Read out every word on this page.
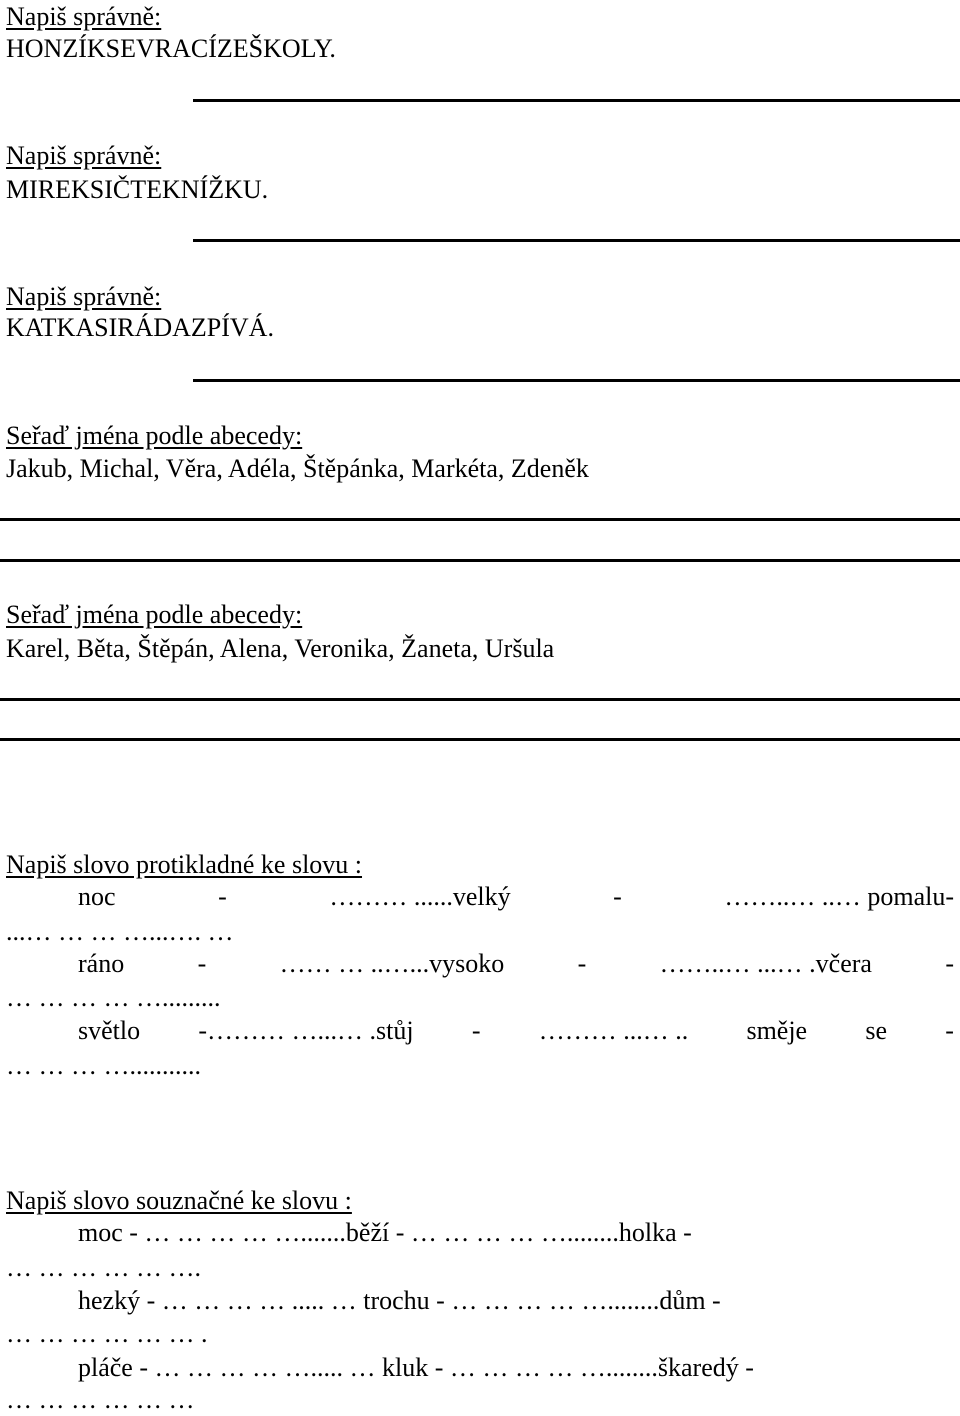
Napiš správně:
HONZÍKSEVRACÍZEŠKOLY.
Napiš správně:
MIREKSIČTEKNÍŽKU.
Napiš správně:
KATKASIRÁDAZPÍVÁ.
Seřaď jména podle abecedy:
Jakub, Michal, Věra, Adéla, Štěpánka, Markéta, Zdeněk
Seřaď jména podle abecedy:
Karel, Běta, Štěpán, Alena, Veronika, Žaneta, Uršula
Napiš slovo protikladné ke slovu :
noc	-	……… ......velký	-	……..… ..… pomalu-
...… … … …...…. …
ráno	-	…… … ..…...vysoko	-	……..… ...… .včera	-
… … … … ….........
světlo -……… …...… .stůj - ……… ...… .. směje se -
… … … …...........
Napiš slovo souznačné ke slovu :
moc - … … … … ….......běží - … … … … …........holka -
… … … … … ….
hezký - … … … … ..... … trochu - … … … … …........dům -
… … … … … … .
pláče - … … … … …..... … kluk - … … … … …........škaredý -
… … … … … …
